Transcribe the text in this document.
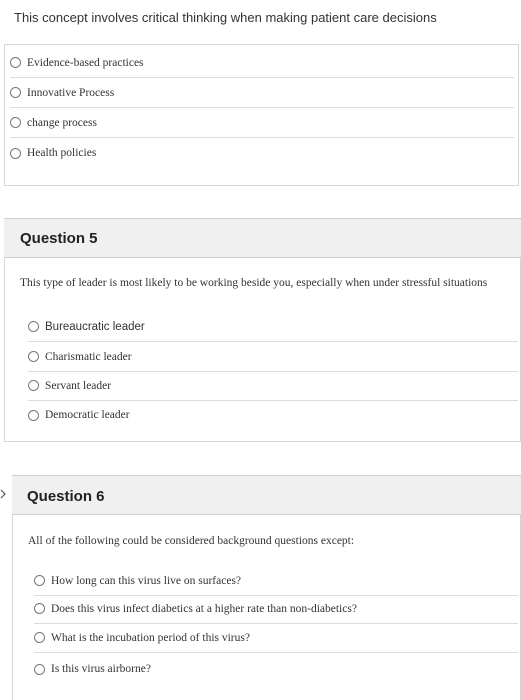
This concept involves critical thinking when making patient care decisions
Evidence-based practices
Innovative Process
change process
Health policies
Question 5
This type of leader is most likely to be working beside you, especially when under stressful situations
Bureaucratic leader
Charismatic leader
Servant leader
Democratic leader
Question 6
All of the following could be considered background questions except:
How long can this virus live on surfaces?
Does this virus infect diabetics at a higher rate than non-diabetics?
What is the incubation period of this virus?
Is this virus airborne?
